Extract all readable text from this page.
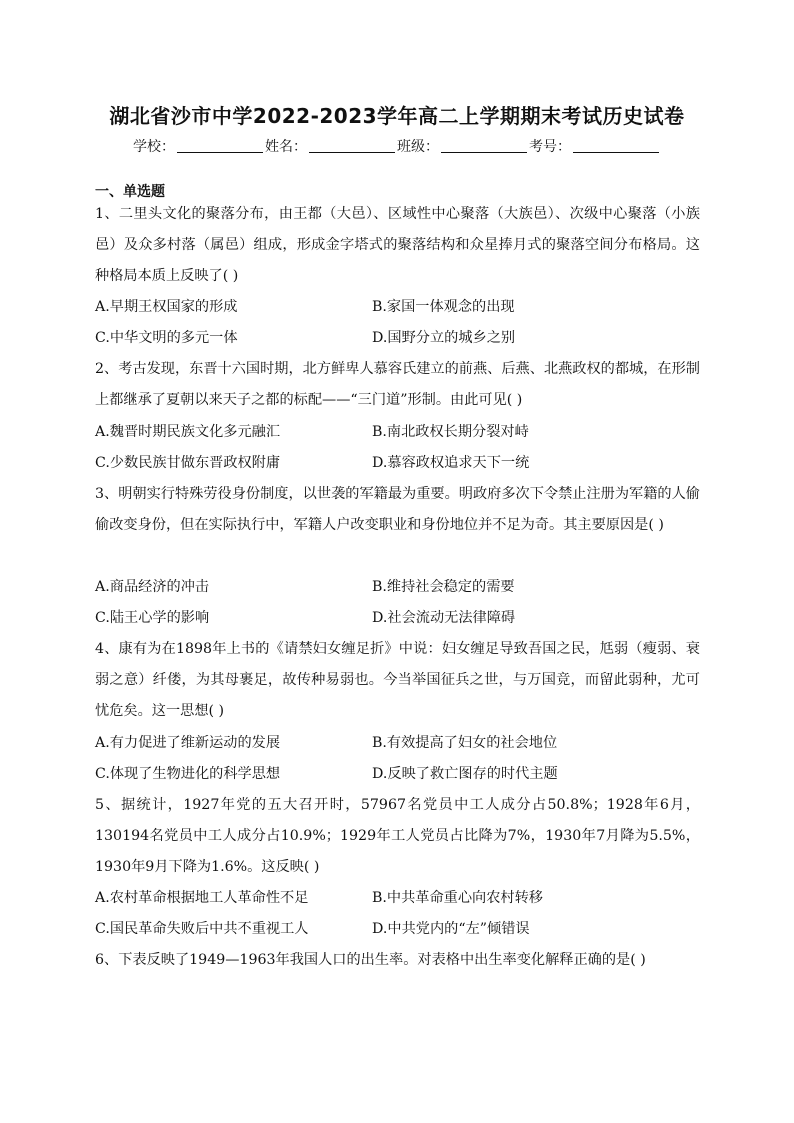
湖北省沙市中学2022-2023学年高二上学期期末考试历史试卷
学校：	姓名：	班级：	考号：
一、单选题

1、二里头文化的聚落分布，由王都（大邑）、区域性中心聚落（大族邑）、次级中心聚落（小族邑）及众多村落（属邑）组成，形成金字塔式的聚落结构和众星捧月式的聚落空间分布格局。这种格局本质上反映了( )

A.早期王权国家的形成	B.家国一体观念的出现
C.中华文明的多元一体	D.国野分立的城乡之别

2、考古发现，东晋十六国时期，北方鲜卑人慕容氏建立的前燕、后燕、北燕政权的都城，在形制上都继承了夏朝以来天子之都的标配——“三门道”形制。由此可见( )

A.魏晋时期民族文化多元融汇	B.南北政权长期分裂对峙
C.少数民族甘做东晋政权附庸	D.慕容政权追求天下一统

3、明朝实行特殊劳役身份制度，以世袭的军籍最为重要。明政府多次下令禁止注册为军籍的人偷偷改变身份，但在实际执行中，军籍人户改变职业和身份地位并不足为奇。其主要原因是( )

A.商品经济的冲击	B.维持社会稳定的需要
C.陆王心学的影响	D.社会流动无法律障碍

4、康有为在1898年上书的《请禁妇女缠足折》中说：妇女缠足导致吾国之民，尪弱（瘦弱、衰弱之意）纤偻，为其母裹足，故传种易弱也。今当举国征兵之世，与万国竞，而留此弱种，尤可忧危矣。这一思想( )

A.有力促进了维新运动的发展	B.有效提高了妇女的社会地位
C.体现了生物进化的科学思想	D.反映了救亡图存的时代主题

5、据统计，1927年党的五大召开时，57967名党员中工人成分占50.8%；1928年6月，130194名党员中工人成分占10.9%；1929年工人党员占比降为7%，1930年7月降为5.5%，1930年9月下降为1.6%。这反映( )

A.农村革命根据地工人革命性不足	B.中共革命重心向农村转移
C.国民革命失败后中共不重视工人	D.中共党内的“左”倾错误

6、下表反映了1949—1963年我国人口的出生率。对表格中出生率变化解释正确的是( )
